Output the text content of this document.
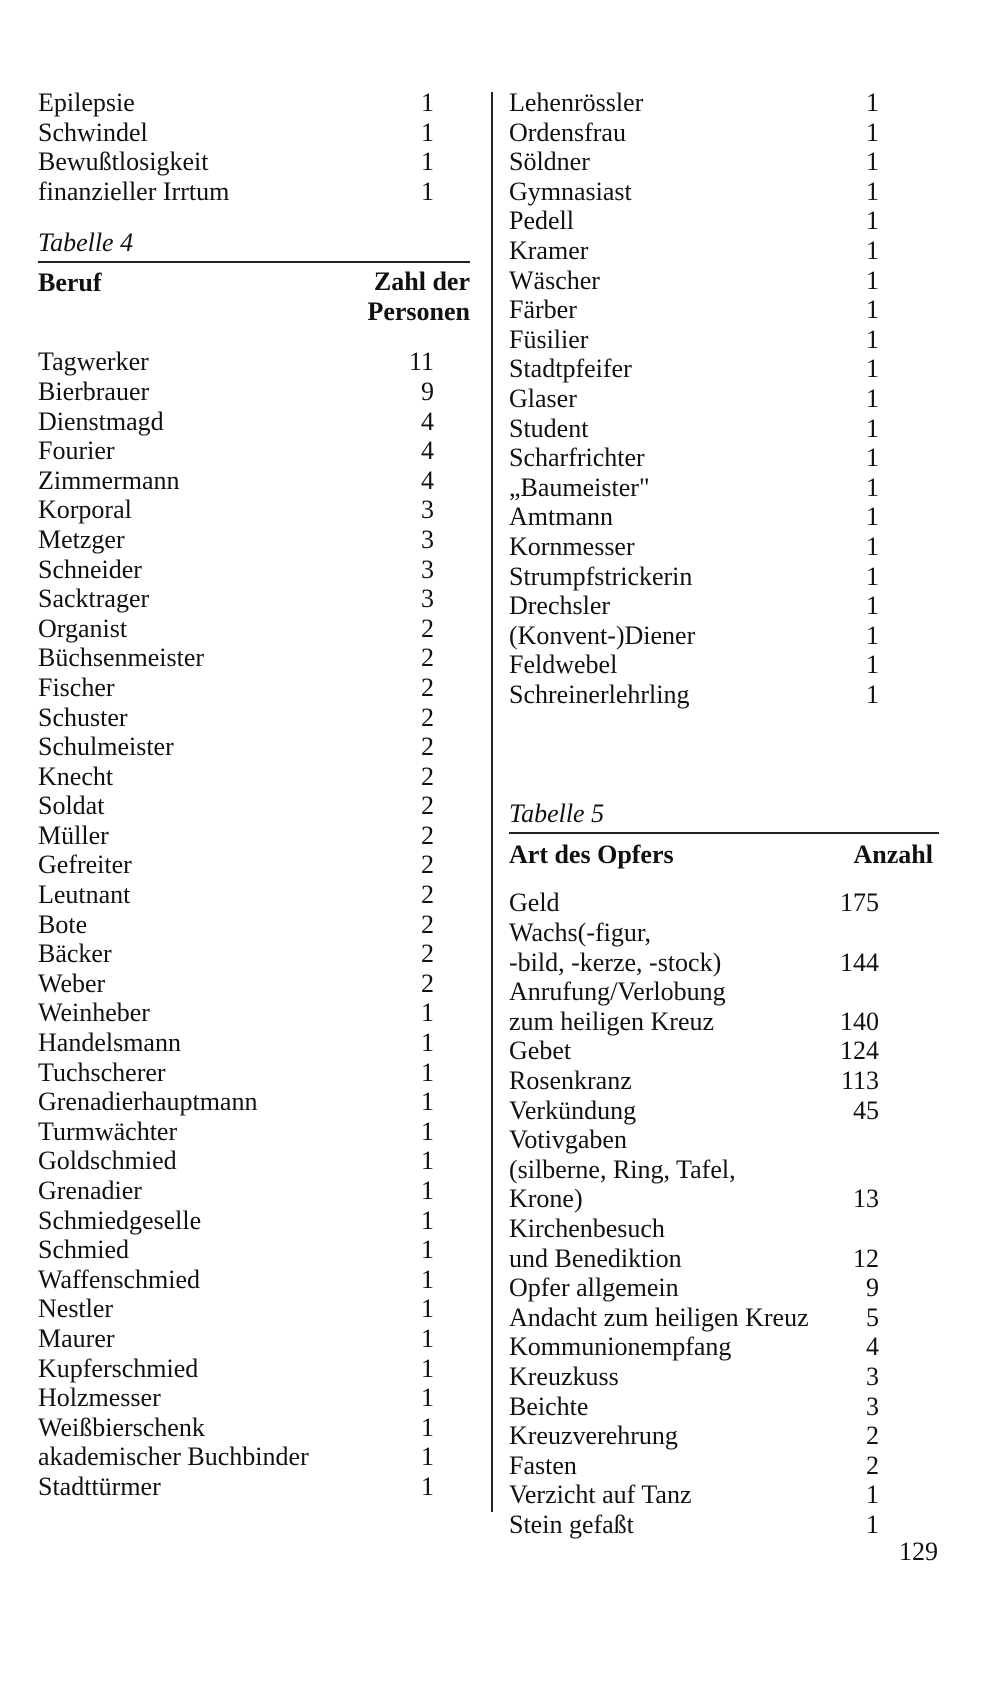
Epilepsie	1
Schwindel	1
Bewußtlosigkeit	1
finanzieller Irrtum	1
Tabelle 4
Beruf	Zahl der
Personen
Tagwerker	11
Bierbrauer	9
Dienstmagd	4
Fourier	4
Zimmermann	4
Korporal	3
Metzger	3
Schneider	3
Sacktrager	3
Organist	2
Büchsenmeister	2
Fischer	2
Schuster	2
Schulmeister	2
Knecht	2
Soldat	2
Müller	2
Gefreiter	2
Leutnant	2
Bote	2
Bäcker	2
Weber	2
Weinheber	1
Handelsmann	1
Tuchscherer	1
Grenadierhauptmann	1
Turmwächter	1
Goldschmied	1
Grenadier	1
Schmiedgeselle	1
Schmied	1
Waffenschmied	1
Nestler	1
Maurer	1
Kupferschmied	1
Holzmesser	1
Weißbierschenk	1
akademischer Buchbinder	1
Stadttürmer	1
Lehenrössler	1
Ordensfrau	1
Söldner	1
Gymnasiast	1
Pedell	1
Kramer	1
Wäscher	1
Färber	1
Füsilier	1
Stadtpfeifer	1
Glaser	1
Student	1
Scharfrichter	1
„Baumeister"	1
Amtmann	1
Kornmesser	1
Strumpfstrickerin	1
Drechsler	1
(Konvent-)Diener	1
Feldwebel	1
Schreinerlehrling	1
Tabelle 5
Art des Opfers	Anzahl
Geld	175
Wachs(-figur,
-bild, -kerze, -stock)	144
Anrufung/Verlobung
zum heiligen Kreuz	140
Gebet	124
Rosenkranz	113
Verkündung	45
Votivgaben
(silberne, Ring, Tafel,
Krone)	13
Kirchenbesuch
und Benediktion	12
Opfer allgemein	9
Andacht zum heiligen Kreuz 5
Kommunionempfang	4
Kreuzkuss	3
Beichte	3
Kreuzverehrung	2
Fasten	2
Verzicht auf Tanz	1
Stein gefaßt	1
129
